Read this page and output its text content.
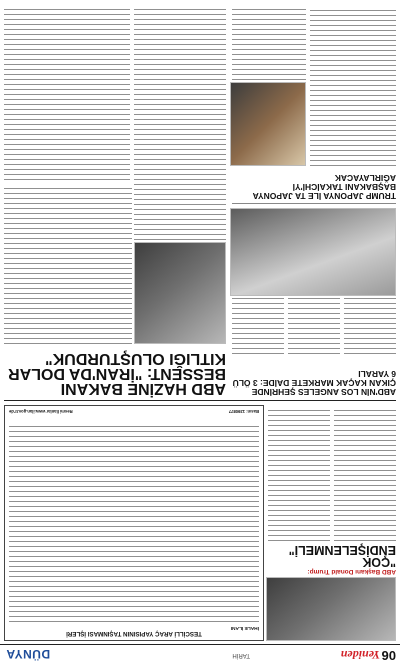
06
Yeniden
TARİH
DÜNYA
ABD Başkanı Donald Trump:
"ÇOK ENDİŞELENMELİ"
TESCİLLİ ARAÇ YAPISININ TAŞINMASI İŞLERİ
İHALE İLANI
Basın: 1390877
Resmi İlanlar www.ilan.gov.tr'de
ABD HAZİNE BAKANI BESSENT: "İRAN'DA DOLAR KITLIĞI OLUŞTURDUK"
ABD'NİN LOS ANGELES ŞEHRİNDE ÇIKAN KAÇAK MARKETE DAİDE: 3 ÖLÜ 6 YARALI
TRUMP JAPONYA İLE TA JAPONYA BAŞBAKANI TAKAİCHİ'Yİ AĞIRLAYACAK
